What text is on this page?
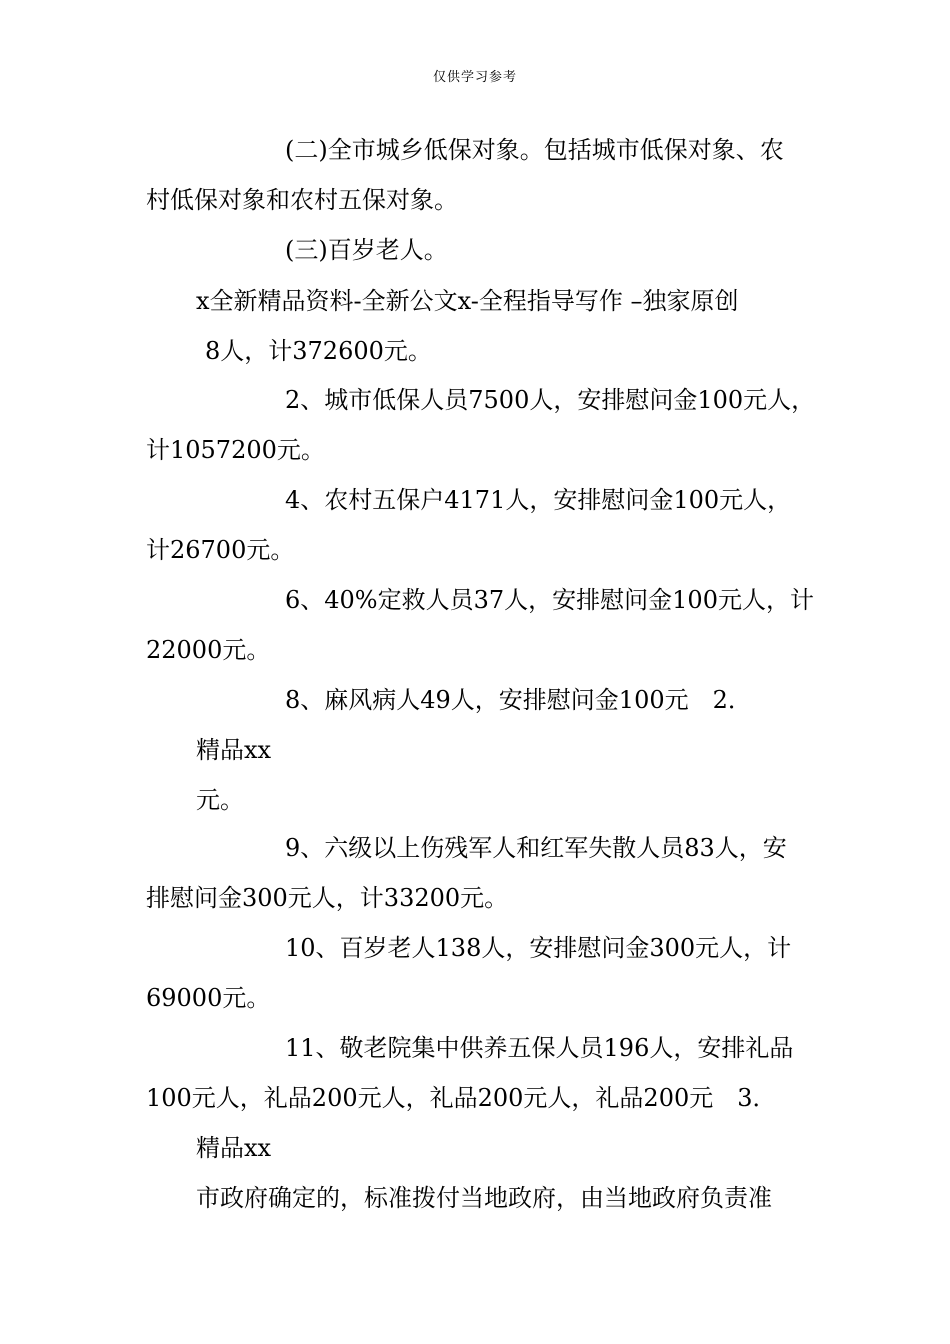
仅供学习参考
(二)全市城乡低保对象。包括城市低保对象、农
村低保对象和农村五保对象。
(三)百岁老人。
x全新精品资料-全新公文x-全程指导写作 –独家原创
8人，计372600元。
2、城市低保人员7500人，安排慰问金100元人，
计1057200元。
4、农村五保户4171人，安排慰问金100元人，
计26700元。
6、40%定救人员37人，安排慰问金100元人，计
22000元。
8、麻风病人49人，安排慰问金100元　2．
精品xx
元。
9、六级以上伤残军人和红军失散人员83人，安
排慰问金300元人，计33200元。
10、百岁老人138人，安排慰问金300元人，计
69000元。
11、敬老院集中供养五保人员196人，安排礼品
100元人，礼品200元人，礼品200元人，礼品200元　3．
精品xx
市政府确定的，标准拨付当地政府，由当地政府负责准
